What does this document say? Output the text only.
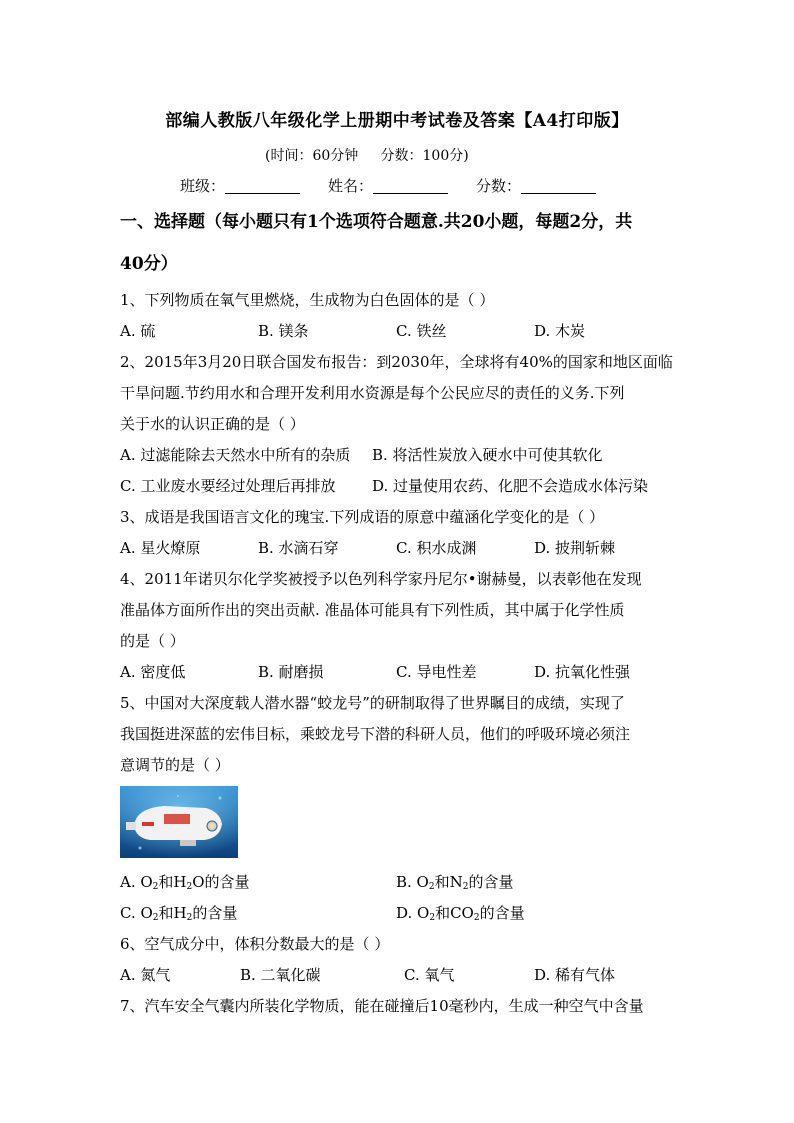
部编人教版八年级化学上册期中考试卷及答案【A4打印版】
(时间：60分钟     分数：100分)
班级：	姓名：	分数：
一、选择题（每小题只有1个选项符合题意.共20小题，每题2分，共
40分）
1、下列物质在氧气里燃烧，生成物为白色固体的是（ ）
A. 硫	B. 镁条	C. 铁丝	D. 木炭
2、2015年3月20日联合国发布报告：到2030年，全球将有40%的国家和地区面临
干旱问题.节约用水和合理开发利用水资源是每个公民应尽的责任的义务.下列
关于水的认识正确的是（ ）
A. 过滤能除去天然水中所有的杂质 B. 将活性炭放入硬水中可使其软化
C. 工业废水要经过处理后再排放 D. 过量使用农药、化肥不会造成水体污染
3、成语是我国语言文化的瑰宝.下列成语的原意中蕴涵化学变化的是（ ）
A. 星火燎原	B. 水滴石穿	C. 积水成渊	D. 披荆斩棘
4、2011年诺贝尔化学奖被授予以色列科学家丹尼尔•谢赫曼，以表彰他在发现
准晶体方面所作出的突出贡献. 准晶体可能具有下列性质，其中属于化学性质
的是（ ）
A. 密度低	B. 耐磨损	C. 导电性差	D. 抗氧化性强
5、中国对大深度载人潜水器“蛟龙号”的研制取得了世界瞩目的成绩，实现了
我国挺进深蓝的宏伟目标，乘蛟龙号下潜的科研人员，他们的呼吸环境必须注
意调节的是（ ）
A. $O_2$和$H_2O$的含量	B. $O_2$和$N_2$的含量
C. $O_2$和$H_2$的含量	D. $O_2$和$CO_2$的含量
6、空气成分中，体积分数最大的是（ ）
A. 氮气	B. 二氧化碳	C. 氧气	D. 稀有气体
7、汽车安全气囊内所装化学物质，能在碰撞后10毫秒内，生成一种空气中含量
